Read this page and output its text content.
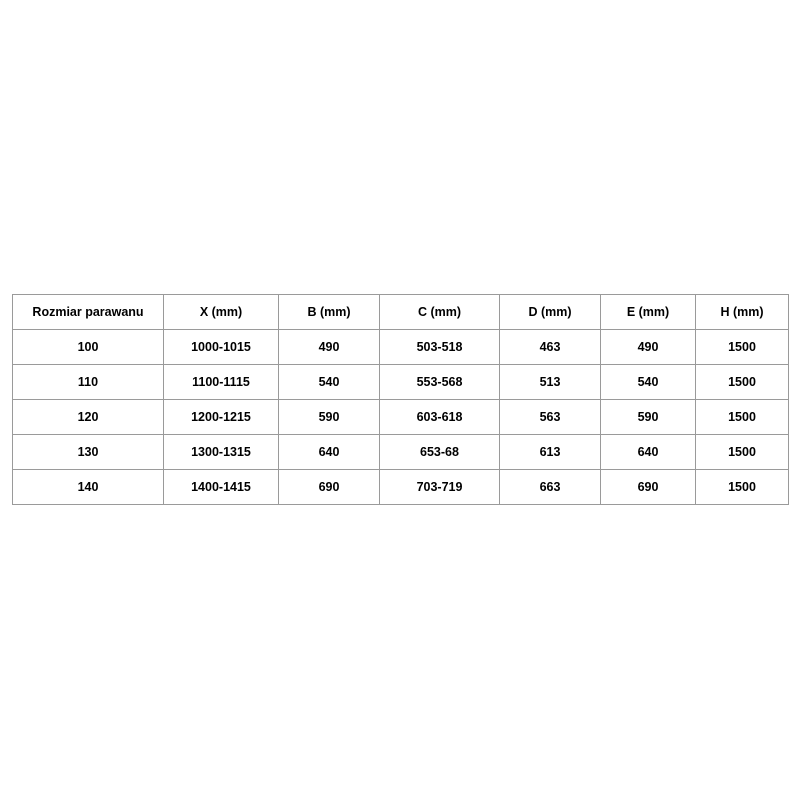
Rozmiar parawanu	X (mm)	B (mm)	C (mm)	D (mm)	E (mm)	H (mm)
100	1000-1015	490	503-518	463	490	1500
110	1100-1115	540	553-568	513	540	1500
120	1200-1215	590	603-618	563	590	1500
130	1300-1315	640	653-68	613	640	1500
140	1400-1415	690	703-719	663	690	1500
